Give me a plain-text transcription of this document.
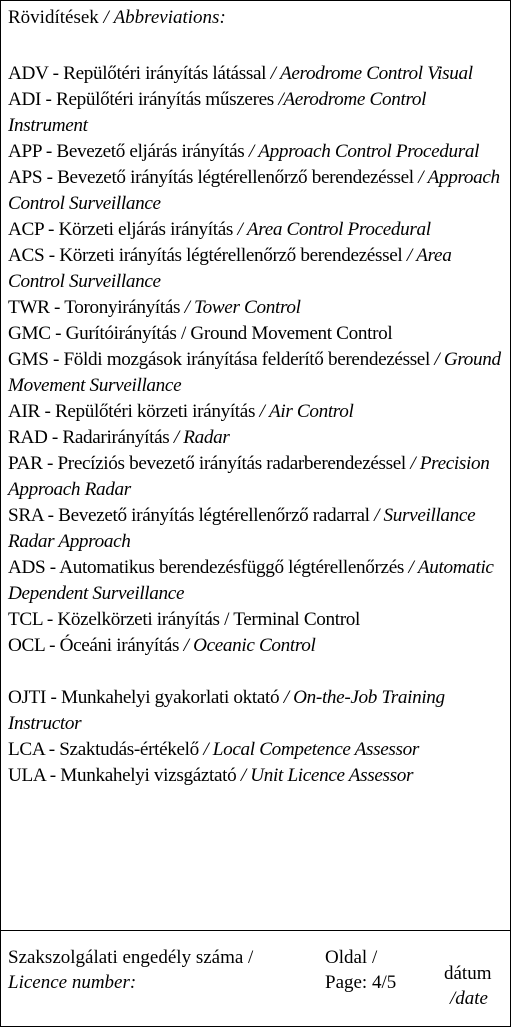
Rövidítések / Abbreviations:

ADV - Repülőtéri irányítás látással / Aerodrome Control Visual

ADI - Repülőtéri irányítás műszeres /Aerodrome Control Instrument

APP - Bevezető eljárás irányítás / Approach Control Procedural

APS - Bevezető irányítás légtérellenőrző berendezéssel / Approach Control Surveillance

ACP - Körzeti eljárás irányítás / Area Control Procedural

ACS - Körzeti irányítás légtérellenőrző berendezéssel / Area Control Surveillance

TWR - Toronyirányítás / Tower Control

GMC - Gurítóirányítás / Ground Movement Control

GMS - Földi mozgások irányítása felderítő berendezéssel / Ground Movement Surveillance

AIR - Repülőtéri körzeti irányítás / Air Control

RAD - Radarirányítás / Radar

PAR - Precíziós bevezető irányítás radarberendezéssel / Precision Approach Radar

SRA - Bevezető irányítás légtérellenőrző radarral / Surveillance Radar Approach

ADS - Automatikus berendezésfüggő légtérellenőrzés / Automatic Dependent Surveillance

TCL - Közelkörzeti irányítás / Terminal Control

OCL - Óceáni irányítás / Oceanic Control

OJTI - Munkahelyi gyakorlati oktató / On-the-Job Training Instructor

LCA - Szaktudás-értékelő / Local Competence Assessor

ULA - Munkahelyi vizsgáztató / Unit Licence Assessor

Szakszolgálati engedély száma /
Licence number:
Oldal /
Page: 4/5	dátum
/date
